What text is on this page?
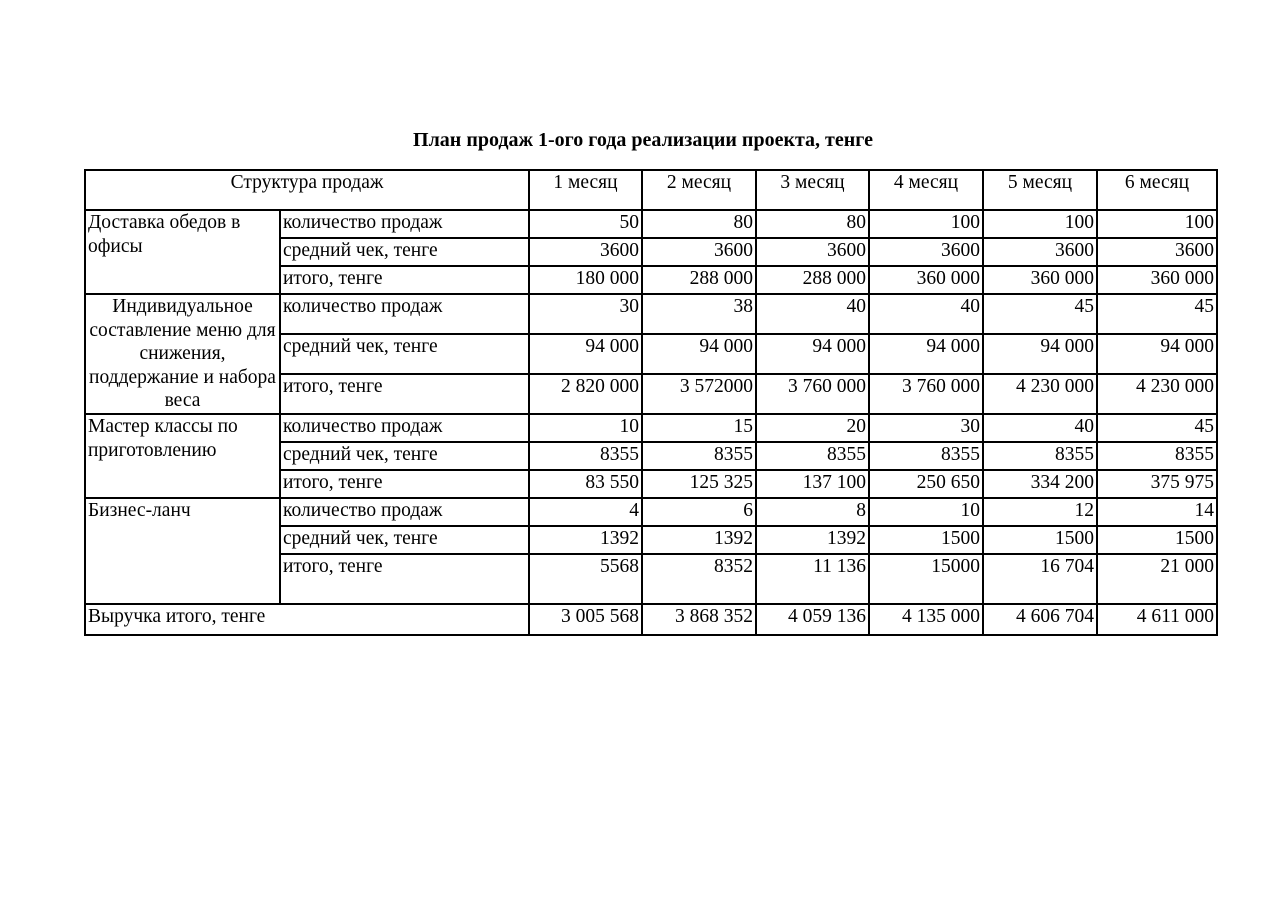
План продаж 1-ого года реализации проекта, тенге
Структура продаж		1 месяц	2 месяц	3 месяц	4 месяц	5 месяц	6 месяц
Доставка обедов в офисы	количество продаж	50	80	80	100	100	100
	средний чек, тенге	3600	3600	3600	3600	3600	3600
	итого, тенге	180 000	288 000	288 000	360 000	360 000	360 000
Индивидуальное составление меню для снижения, поддержание и набора веса	количество продаж	30	38	40	40	45	45
	средний чек, тенге	94 000	94 000	94 000	94 000	94 000	94 000
	итого, тенге	2 820 000	3 572000	3 760 000	3 760 000	4 230 000	4 230 000
Мастер классы по приготовлению	количество продаж	10	15	20	30	40	45
	средний чек, тенге	8355	8355	8355	8355	8355	8355
	итого, тенге	83 550	125 325	137 100	250 650	334 200	375 975
Бизнес-ланч	количество продаж	4	6	8	10	12	14
	средний чек, тенге	1392	1392	1392	1500	1500	1500
	итого, тенге	5568	8352	11 136	15000	16 704	21 000
Выручка итого, тенге		3 005 568	3 868 352	4 059 136	4 135 000	4 606 704	4 611 000
